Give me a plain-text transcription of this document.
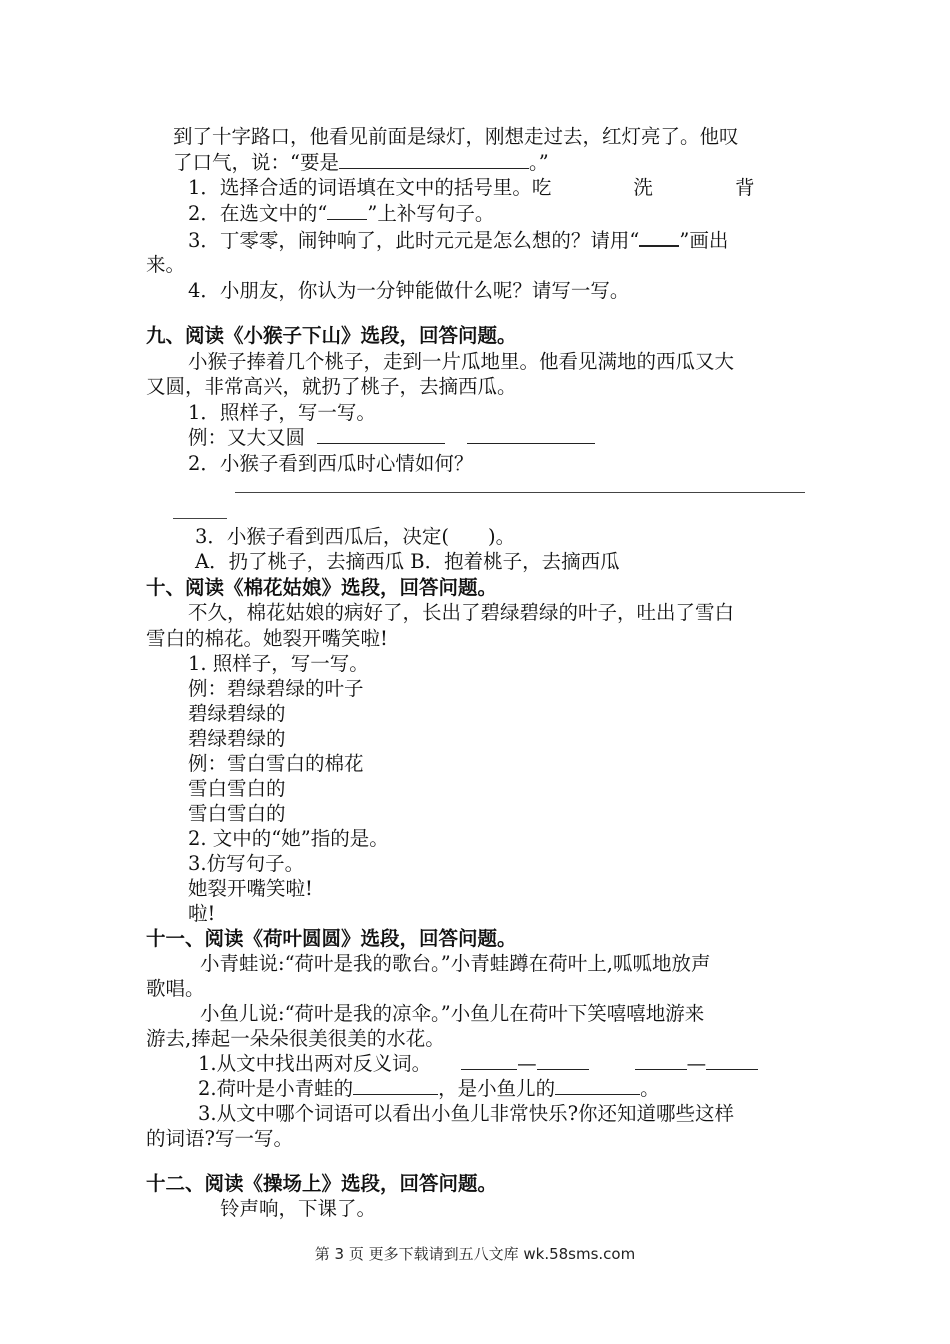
到了十字路口，他看见前面是绿灯，刚想走过去，红灯亮了。他叹
了口气，说：“要是	。”
1．选择合适的词语填在文中的括号里。吃	洗	背
2．在选文中的“ ”上补写句子。
3．丁零零，闹钟响了，此时元元是怎么想的？请用“ ”画出
来。
4．小朋友，你认为一分钟能做什么呢？请写一写。
九、阅读《小猴子下山》选段，回答问题。
小猴子捧着几个桃子，走到一片瓜地里。他看见满地的西瓜又大
又圆，非常高兴，就扔了桃子，去摘西瓜。
1．照样子，写一写。
例：又大又圆
2．小猴子看到西瓜时心情如何？
3．小猴子看到西瓜后，决定(　　)。
A．扔了桃子，去摘西瓜 B．抱着桃子，去摘西瓜
十、阅读《棉花姑娘》选段，回答问题。
不久，棉花姑娘的病好了，长出了碧绿碧绿的叶子，吐出了雪白
雪白的棉花。她裂开嘴笑啦!
1. 照样子，写一写。
例：碧绿碧绿的叶子
碧绿碧绿的
碧绿碧绿的
例：雪白雪白的棉花
雪白雪白的
雪白雪白的
2. 文中的“她”指的是。
3.仿写句子。
她裂开嘴笑啦!
啦!
十一、阅读《荷叶圆圆》选段，回答问题。
小青蛙说:“荷叶是我的歌台。”小青蛙蹲在荷叶上,呱呱地放声
歌唱。
小鱼儿说:“荷叶是我的凉伞。”小鱼儿在荷叶下笑嘻嘻地游来
游去,捧起一朵朵很美很美的水花。
1.从文中找出两对反义词。	—	—
2.荷叶是小青蛙的	，是小鱼儿的	。
3.从文中哪个词语可以看出小鱼儿非常快乐?你还知道哪些这样
的词语?写一写。
十二、阅读《操场上》选段，回答问题。
铃声响，下课了。
第 3 页 更多下载请到五八文库 wk.58sms.com
